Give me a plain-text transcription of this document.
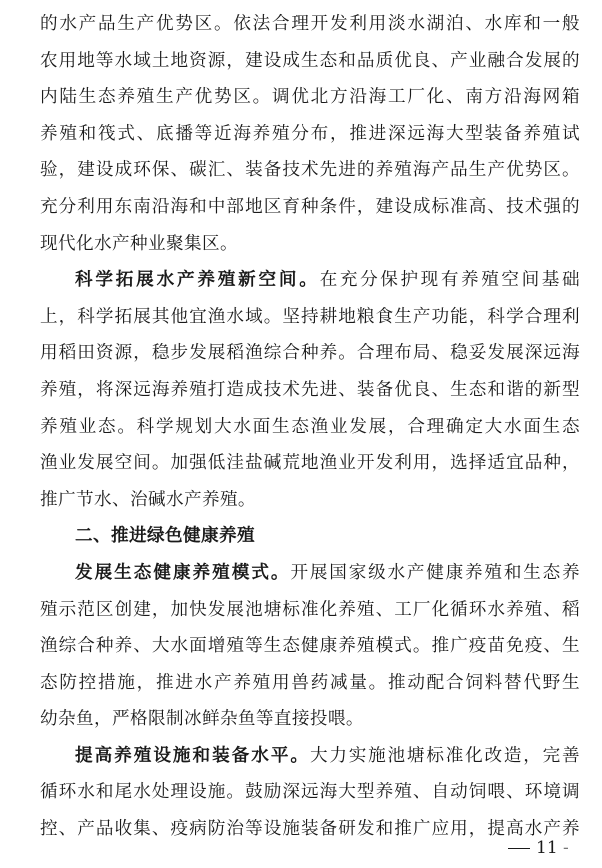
的水产品生产优势区。依法合理开发利用淡水湖泊、水库和一般
农用地等水域土地资源，建设成生态和品质优良、产业融合发展的
内陆生态养殖生产优势区。调优北方沿海工厂化、南方沿海网箱
养殖和筏式、底播等近海养殖分布，推进深远海大型装备养殖试
验，建设成环保、碳汇、装备技术先进的养殖海产品生产优势区。
充分利用东南沿海和中部地区育种条件，建设成标准高、技术强的
现代化水产种业聚集区。
科学拓展水产养殖新空间。在充分保护现有养殖空间基础
上，科学拓展其他宜渔水域。坚持耕地粮食生产功能，科学合理利
用稻田资源，稳步发展稻渔综合种养。合理布局、稳妥发展深远海
养殖，将深远海养殖打造成技术先进、装备优良、生态和谐的新型
养殖业态。科学规划大水面生态渔业发展，合理确定大水面生态
渔业发展空间。加强低洼盐碱荒地渔业开发利用，选择适宜品种，
推广节水、治碱水产养殖。
二、推进绿色健康养殖
发展生态健康养殖模式。开展国家级水产健康养殖和生态养
殖示范区创建，加快发展池塘标准化养殖、工厂化循环水养殖、稻
渔综合种养、大水面增殖等生态健康养殖模式。推广疫苗免疫、生
态防控措施，推进水产养殖用兽药减量。推动配合饲料替代野生
幼杂鱼，严格限制冰鲜杂鱼等直接投喂。
提高养殖设施和装备水平。大力实施池塘标准化改造，完善
循环水和尾水处理设施。鼓励深远海大型养殖、自动饲喂、环境调
控、产品收集、疫病防治等设施装备研发和推广应用，提高水产养
11 -
